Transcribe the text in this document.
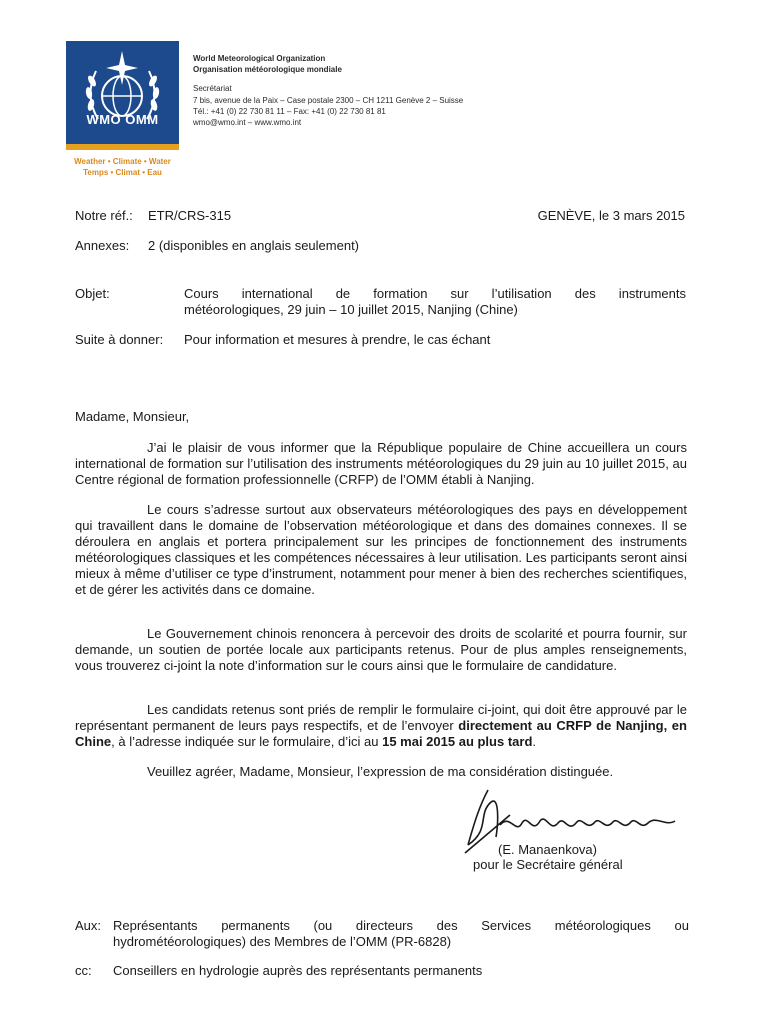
WMO OMM
Weather • Climate • Water
Temps • Climat • Eau
World Meteorological Organization
Organisation météorologique mondiale
Secrétariat
7 bis, avenue de la Paix – Case postale 2300 – CH 1211 Genève 2 – Suisse
Tél.: +41 (0) 22 730 81 11 – Fax: +41 (0) 22 730 81 81
wmo@wmo.int – www.wmo.int
Notre réf.: ETR/CRS-315	GENÈVE, le 3 mars 2015
Annexes: 2 (disponibles en anglais seulement)
Objet:	Cours international de formation sur l’utilisation des instruments
météorologiques, 29 juin – 10 juillet 2015, Nanjing (Chine)
Suite à donner: Pour information et mesures à prendre, le cas échant
Madame, Monsieur,
J’ai le plaisir de vous informer que la République populaire de Chine accueillera un cours international de formation sur l’utilisation des instruments météorologiques du 29 juin au 10 juillet 2015, au Centre régional de formation professionnelle (CRFP) de l’OMM établi à Nanjing.
Le cours s’adresse surtout aux observateurs météorologiques des pays en développement qui travaillent dans le domaine de l’observation météorologique et dans des domaines connexes. Il se déroulera en anglais et portera principalement sur les principes de fonctionnement des instruments météorologiques classiques et les compétences nécessaires à leur utilisation. Les participants seront ainsi mieux à même d’utiliser ce type d’instrument, notamment pour mener à bien des recherches scientifiques, et de gérer les activités dans ce domaine.
Le Gouvernement chinois renoncera à percevoir des droits de scolarité et pourra fournir, sur demande, un soutien de portée locale aux participants retenus. Pour de plus amples renseignements, vous trouverez ci-joint la note d’information sur le cours ainsi que le formulaire de candidature.
Les candidats retenus sont priés de remplir le formulaire ci-joint, qui doit être approuvé par le représentant permanent de leurs pays respectifs, et de l’envoyer directement au CRFP de Nanjing, en Chine, à l’adresse indiquée sur le formulaire, d’ici au 15 mai 2015 au plus tard.
Veuillez agréer, Madame, Monsieur, l’expression de ma considération distinguée.
(E. Manaenkova)
pour le Secrétaire général
Aux: Représentants permanents (ou directeurs des Services météorologiques ou
hydrométéorologiques) des Membres de l’OMM (PR-6828)
cc: Conseillers en hydrologie auprès des représentants permanents
